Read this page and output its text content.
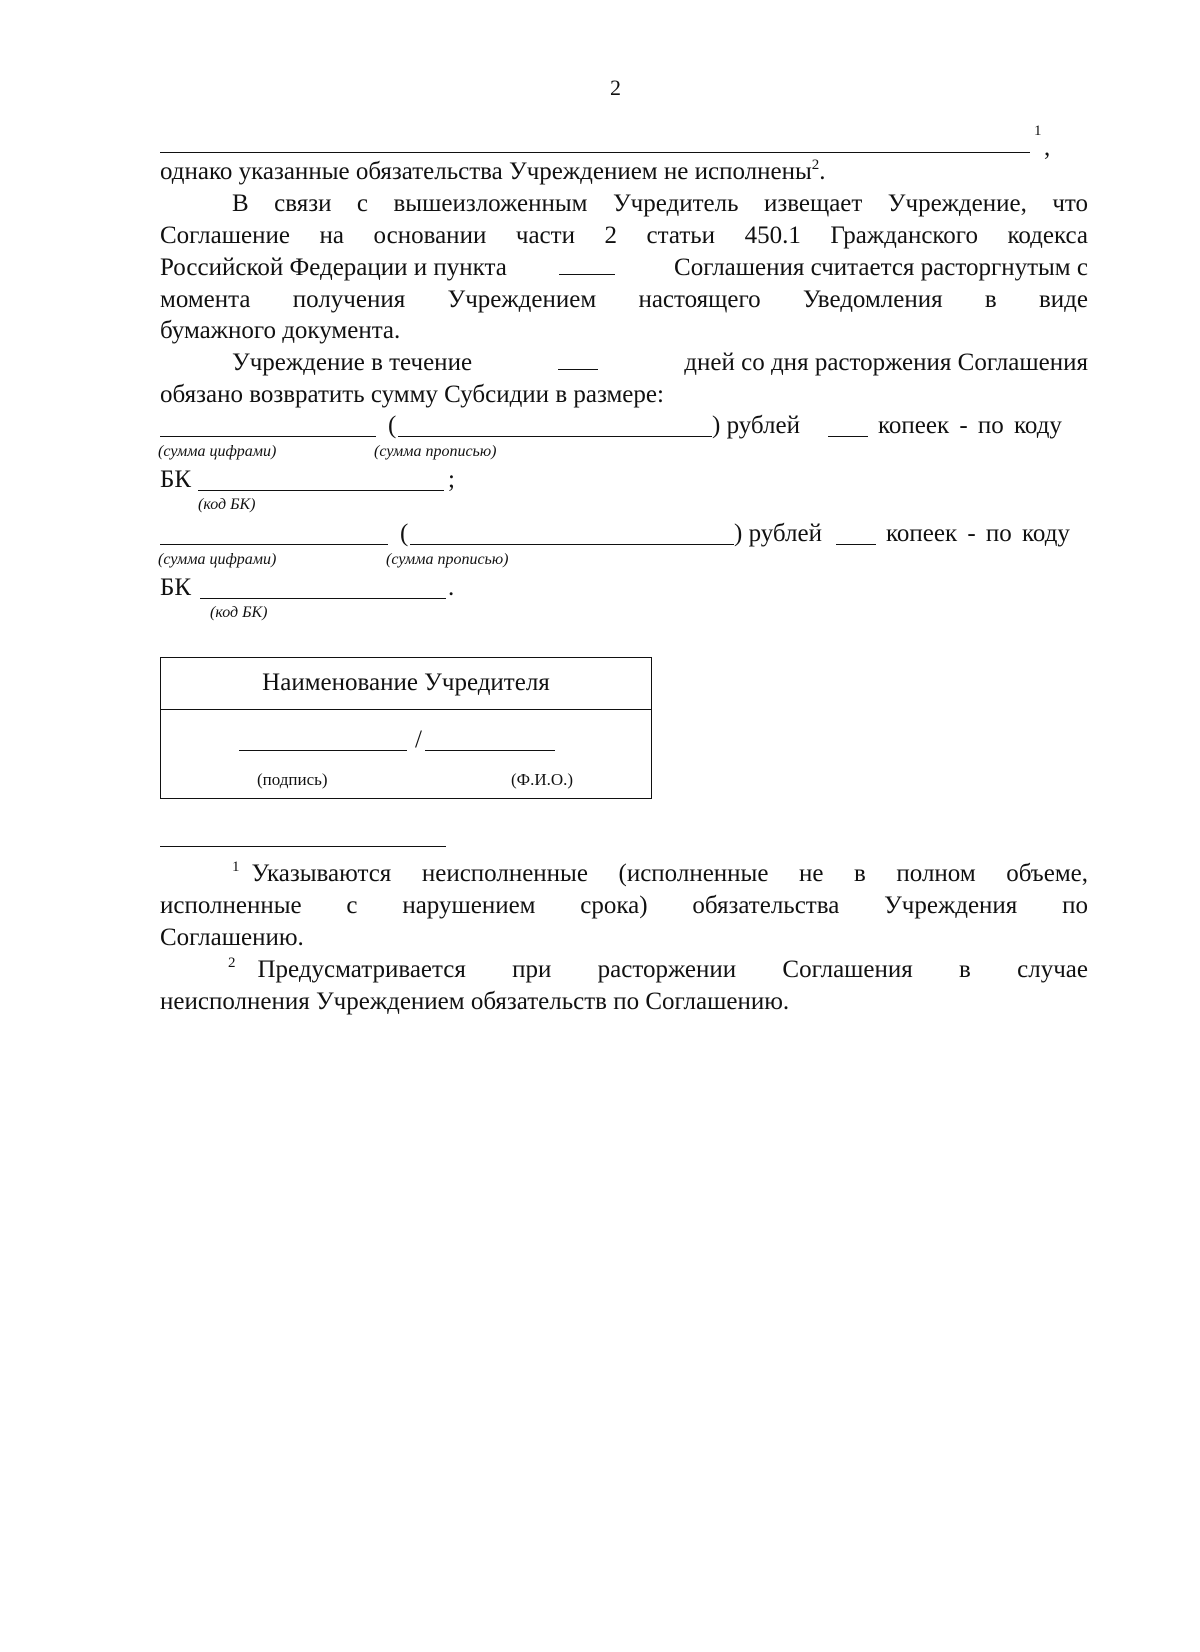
2
1
,
однако указанные обязательства Учреждением не исполнены$^2$.
В связи с вышеизложенным Учредитель извещает Учреждение, что
Соглашение на основании части 2 статьи 450.1 Гражданского кодекса
Российской Федерации и пункта	Соглашения считается расторгнутым с
момента получения Учреждением настоящего Уведомления в виде
бумажного документа.
Учреждение в течение	дней со дня расторжения Соглашения
обязано возвратить сумму Субсидии в размере:
(	) рублей	копеек - по коду
(сумма цифрами)	(сумма прописью)
БК	;
(код БК)
(	) рублей	копеек - по коду
(сумма цифрами)	(сумма прописью)
БК	.
(код БК)
Наименование Учредителя
/
(подпись)	(Ф.И.О.)
$^1$ Указываются неисполненные (исполненные не в полном объеме,
исполненные с нарушением срока) обязательства Учреждения по
Соглашению.
$^2$ Предусматривается при расторжении Соглашения в случае
неисполнения Учреждением обязательств по Соглашению.
